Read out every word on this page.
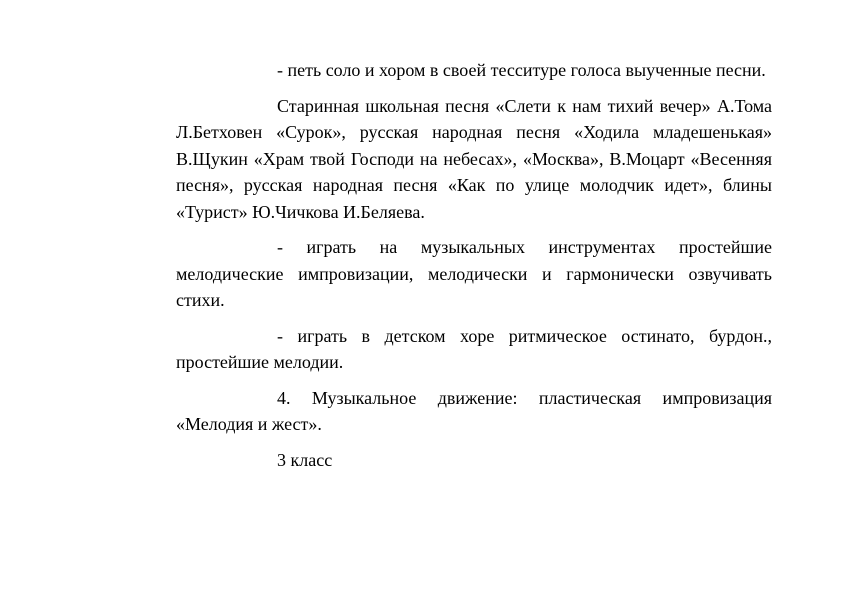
- петь соло и хором в своей тесситуре голоса выученные песни.

Старинная школьная песня «Слети к нам тихий вечер» А.Тома Л.Бетховен «Сурок», русская народная песня «Ходила младешенькая» В.Щукин «Храм твой Господи на небесах», «Москва», В.Моцарт «Весенняя песня», русская народная песня «Как по улице молодчик идет», блины «Турист» Ю.Чичкова И.Беляева.

- играть на музыкальных инструментах простейшие мелодические импровизации, мелодически и гармонически озвучивать стихи.

- играть в детском хоре ритмическое остинато, бурдон., простейшие мелодии.

4. Музыкальное движение: пластическая импровизация «Мелодия и жест».

3 класс
